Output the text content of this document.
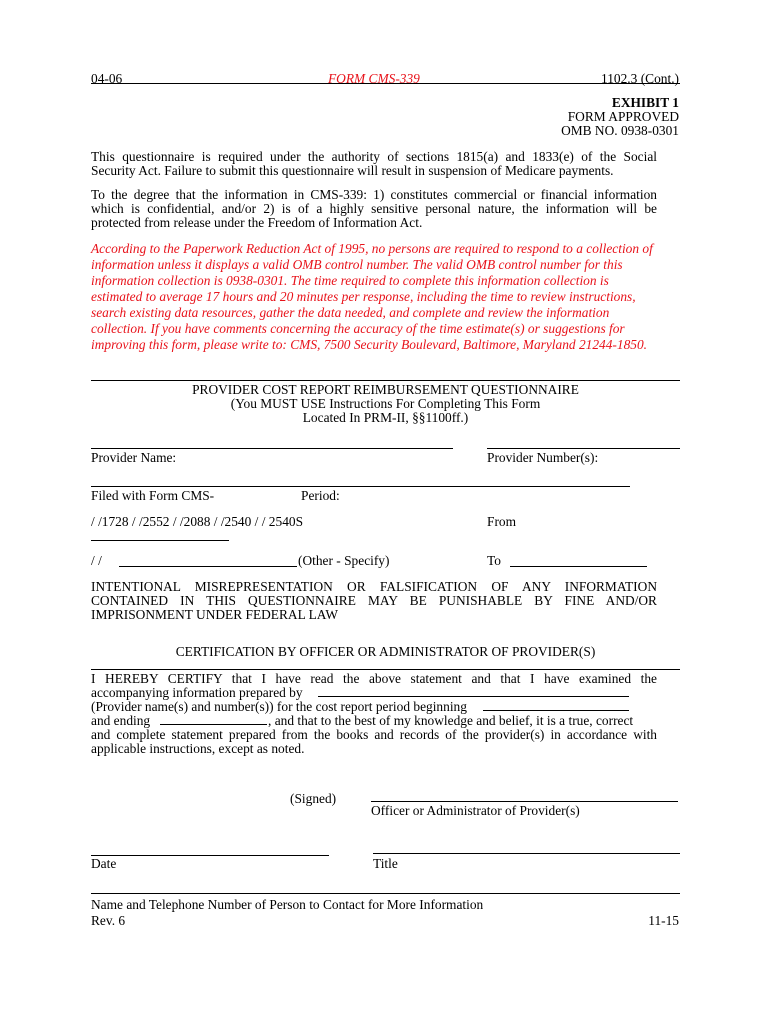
04-06	FORM CMS-339	1102.3 (Cont.)
EXHIBIT 1
FORM APPROVED
OMB NO. 0938-0301
This questionnaire is required under the authority of sections 1815(a) and 1833(e) of the Social
Security Act. Failure to submit this questionnaire will result in suspension of Medicare payments.
To the degree that the information in CMS-339: 1) constitutes commercial or financial information
which is confidential, and/or 2) is of a highly sensitive personal nature, the information will be
protected from release under the Freedom of Information Act.
According to the Paperwork Reduction Act of 1995, no persons are required to respond to a collection of
information unless it displays a valid OMB control number. The valid OMB control number for this
information collection is 0938-0301. The time required to complete this information collection is
estimated to average 17 hours and 20 minutes per response, including the time to review instructions,
search existing data resources, gather the data needed, and complete and review the information
collection. If you have comments concerning the accuracy of the time estimate(s) or suggestions for
improving this form, please write to: CMS, 7500 Security Boulevard, Baltimore, Maryland 21244-1850.
PROVIDER COST REPORT REIMBURSEMENT QUESTIONNAIRE
(You MUST USE Instructions For Completing This Form
Located In PRM-II, §§1100ff.)
Provider Name:	Provider Number(s):
Filed with Form CMS-	Period:
/ /1728 / /2552 / /2088 / /2540 / / 2540S	From
/ /	(Other - Specify)	To
INTENTIONAL MISREPRESENTATION OR FALSIFICATION OF ANY INFORMATION
CONTAINED IN THIS QUESTIONNAIRE MAY BE PUNISHABLE BY FINE AND/OR
IMPRISONMENT UNDER FEDERAL LAW
CERTIFICATION BY OFFICER OR ADMINISTRATOR OF PROVIDER(S)
I HEREBY CERTIFY that I have read the above statement and that I have examined the
accompanying information prepared by
(Provider name(s) and number(s)) for the cost report period beginning
and ending	, and that to the best of my knowledge and belief, it is a true, correct
and complete statement prepared from the books and records of the provider(s) in accordance with
applicable instructions, except as noted.
(Signed)
Officer or Administrator of Provider(s)
Date	Title
Name and Telephone Number of Person to Contact for More Information
Rev. 6	11-15
